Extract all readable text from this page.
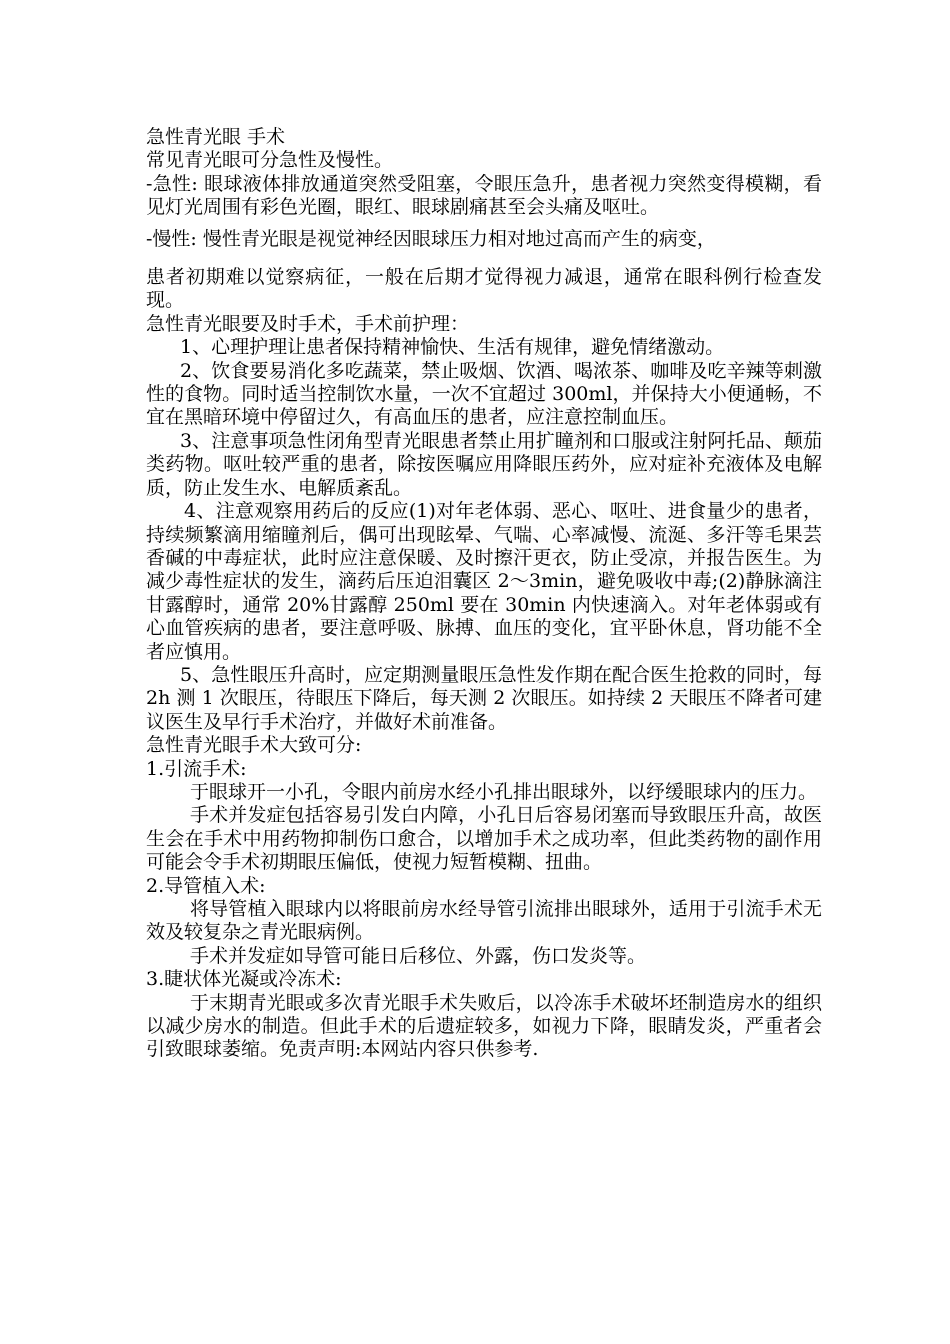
急性青光眼 手术

常见青光眼可分急性及慢性。

-急性: 眼球液体排放通道突然受阻塞，令眼压急升，患者视力突然变得模糊，看见灯光周围有彩色光圈，眼红、眼球剧痛甚至会头痛及呕吐。

-慢性: 慢性青光眼是视觉神经因眼球压力相对地过高而产生的病变，

患者初期难以觉察病征，一般在后期才觉得视力减退，通常在眼科例行检查发现。

急性青光眼要及时手术，手术前护理：

1、心理护理让患者保持精神愉快、生活有规律，避免情绪激动。

2、饮食要易消化多吃蔬菜，禁止吸烟、饮酒、喝浓茶、咖啡及吃辛辣等刺激性的食物。同时适当控制饮水量，一次不宜超过 300ml，并保持大小便通畅，不宜在黑暗环境中停留过久，有高血压的患者，应注意控制血压。

3、注意事项急性闭角型青光眼患者禁止用扩瞳剂和口服或注射阿托品、颠茄类药物。呕吐较严重的患者，除按医嘱应用降眼压药外，应对症补充液体及电解质，防止发生水、电解质紊乱。

4、注意观察用药后的反应(1)对年老体弱、恶心、呕吐、进食量少的患者，持续频繁滴用缩瞳剂后，偶可出现眩晕、气喘、心率减慢、流涎、多汗等毛果芸香碱的中毒症状，此时应注意保暖、及时擦汗更衣，防止受凉，并报告医生。为减少毒性症状的发生，滴药后压迫泪囊区 2～3min，避免吸收中毒;(2)静脉滴注甘露醇时，通常 20%甘露醇 250ml 要在 30min 内快速滴入。对年老体弱或有心血管疾病的患者，要注意呼吸、脉搏、血压的变化，宜平卧休息，肾功能不全者应慎用。

5、急性眼压升高时，应定期测量眼压急性发作期在配合医生抢救的同时，每 2h 测 1 次眼压，待眼压下降后，每天测 2 次眼压。如持续 2 天眼压不降者可建议医生及早行手术治疗，并做好术前准备。

急性青光眼手术大致可分:

1.引流手术:

于眼球开一小孔，令眼内前房水经小孔排出眼球外，以纾缓眼球内的压力。

手术并发症包括容易引发白内障，小孔日后容易闭塞而导致眼压升高，故医生会在手术中用药物抑制伤口愈合，以增加手术之成功率，但此类药物的副作用可能会令手术初期眼压偏低，使视力短暂模糊、扭曲。

2.导管植入术:

将导管植入眼球内以将眼前房水经导管引流排出眼球外，适用于引流手术无效及较复杂之青光眼病例。

手术并发症如导管可能日后移位、外露，伤口发炎等。

3.睫状体光凝或冷冻术:

于末期青光眼或多次青光眼手术失败后，以冷冻手术破坏坯制造房水的组织以减少房水的制造。但此手术的后遗症较多，如视力下降，眼睛发炎，严重者会引致眼球萎缩。免责声明:本网站内容只供参考.
